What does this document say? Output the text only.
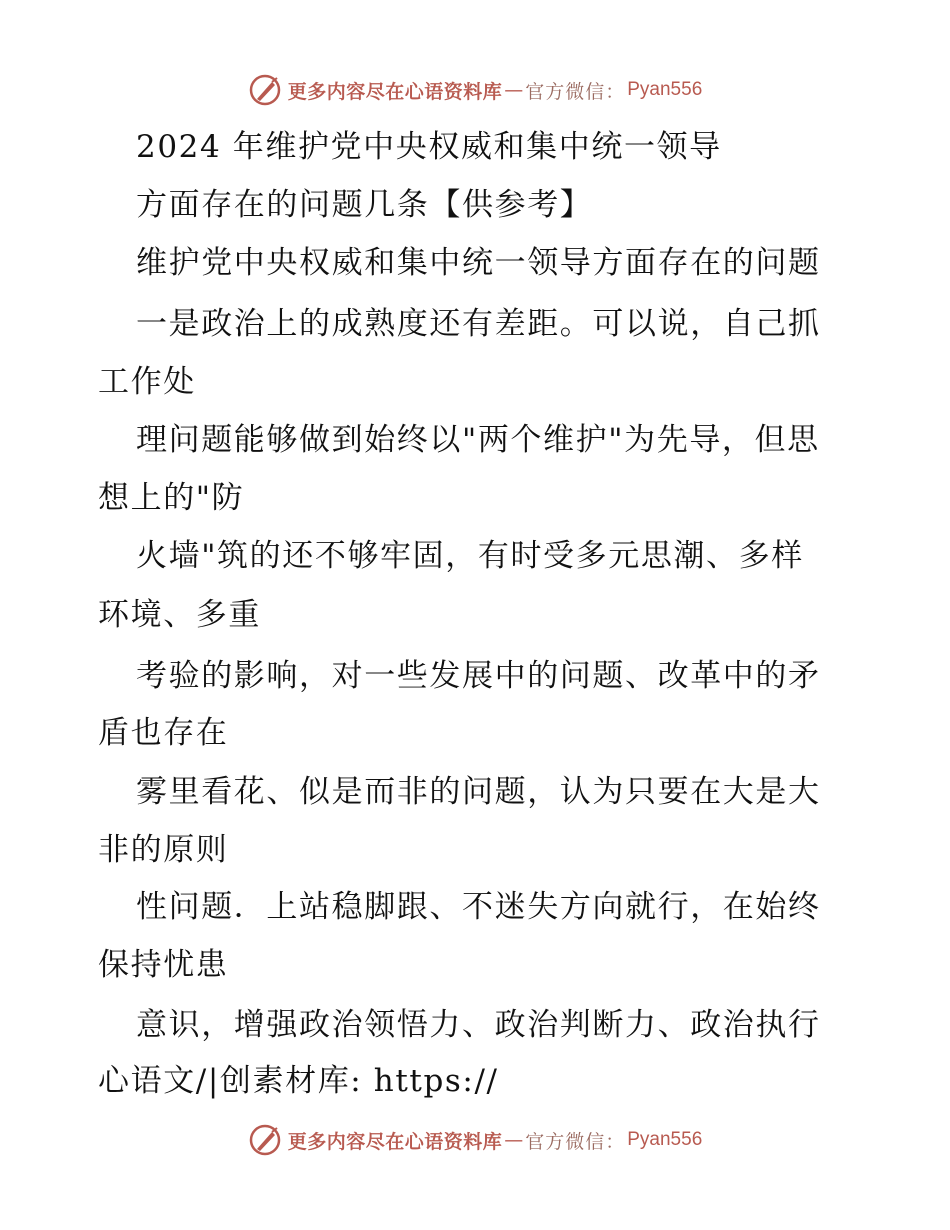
更多内容尽在心语资料库 — 官方微信： Pyan556
2024 年维护党中央权威和集中统一领导
方面存在的问题几条【供参考】
维护党中央权威和集中统一领导方面存在的问题
一是政治上的成熟度还有差距。可以说，自己抓
工作处
理问题能够做到始终以"两个维护"为先导，但思
想上的"防
火墙"筑的还不够牢固，有时受多元思潮、多样
环境、多重
考验的影响，对一些发展中的问题、改革中的矛
盾也存在
雾里看花、似是而非的问题，认为只要在大是大
非的原则
性问题．上站稳脚跟、不迷失方向就行，在始终
保持忧患
意识，增强政治领悟力、政治判断力、政治执行
心语文/|创素材库: https://
更多内容尽在心语资料库 — 官方微信： Pyan556
